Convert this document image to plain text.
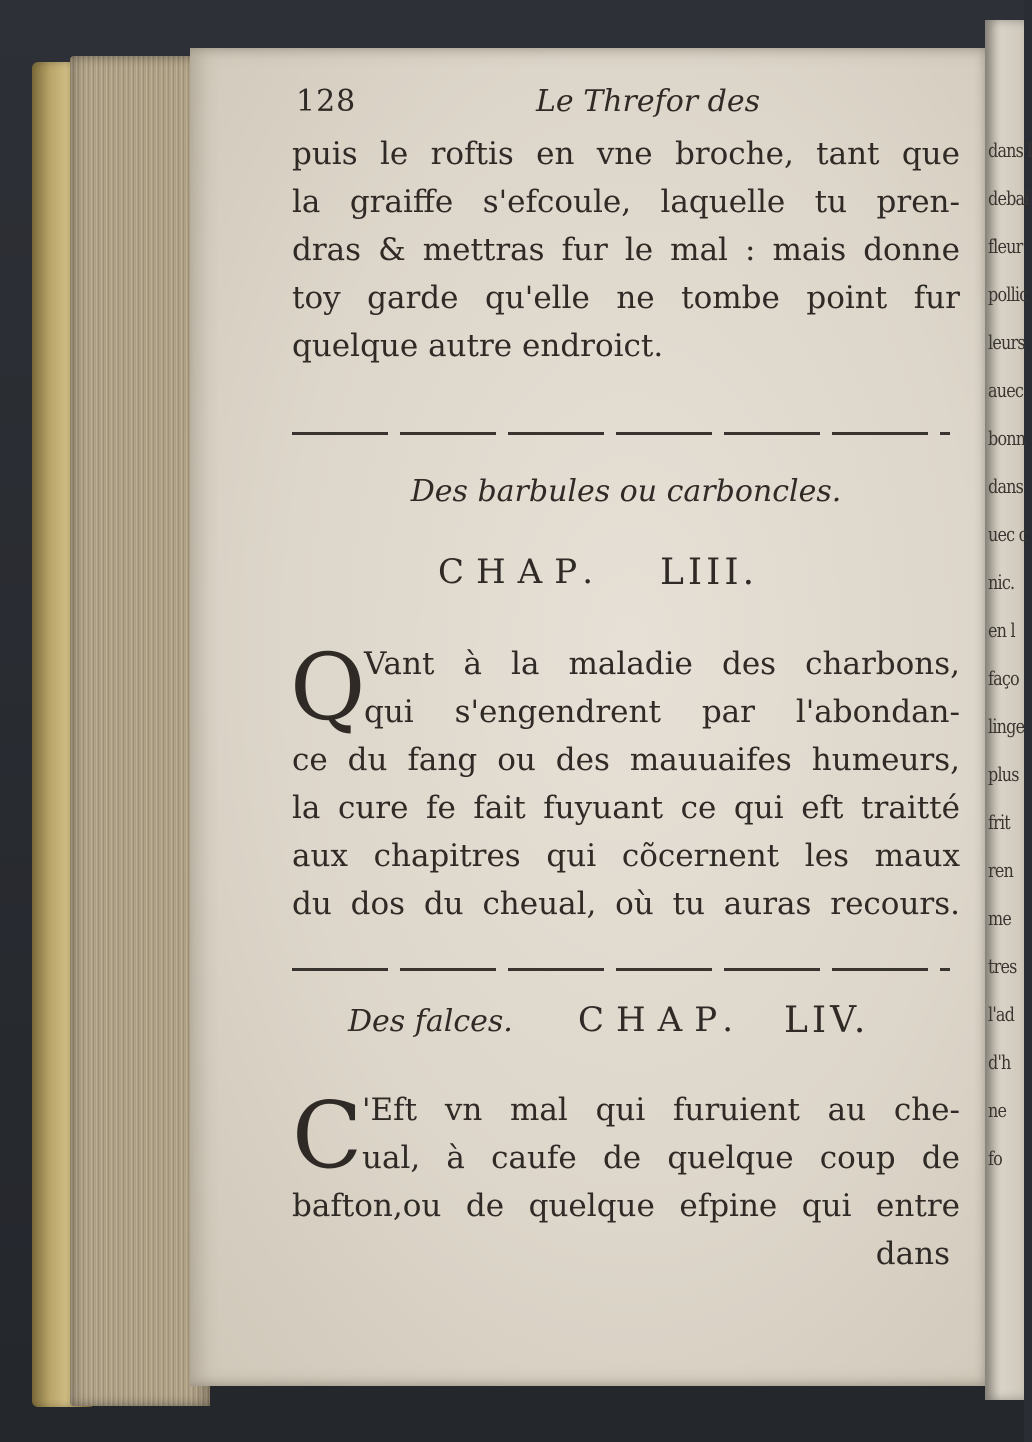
dans l
debai
fleur
pollic
leurs
auec
bonn
dans
uec c
nic.
en l
faço
linge
plus
frit
ren
me
tres
l'ad
d'h
ne
fo
128	Le Threfor des
puis le roftis en vne broche, tant que
la graiffe s'efcoule, laquelle tu pren-
dras & mettras fur le mal : mais donne
toy garde qu'elle ne tombe point fur
quelque autre endroict.
Des barbules ou carboncles.
CHAP. LIII.
Q
Vant à la maladie des charbons,
qui s'engendrent par l'abondan-
ce du fang ou des mauuaifes humeurs,
la cure fe fait fuyuant ce qui eft traitté
aux chapitres qui cõcernent les maux
du dos du cheual, où tu auras recours.
Des falces. CHAP. LIV.
C 'Eft vn mal qui furuient au che-
ual, à caufe de quelque coup de
bafton,ou de quelque efpine qui entre
dans
